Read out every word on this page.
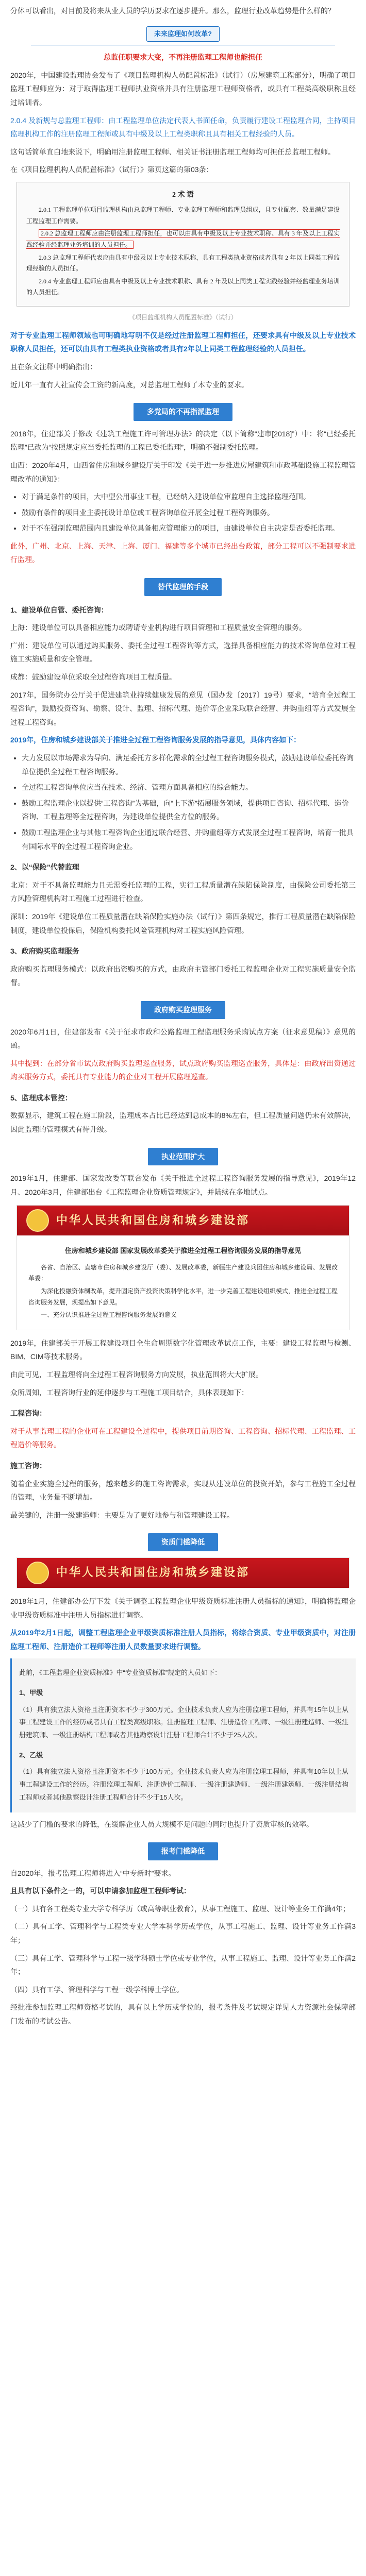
分体可以看出，对目前及将来从业人员的学历要求在逐步提升。那么，监理行业改革趋势是什么样的？

未来监理如何改革?

总监任职要求大变，不再注册监理工程师也能担任

2020年，中国建设监理协会发布了《项目监理机构人员配置标准》（试行）（房屋建筑工程部分），明确了项目监理工程师应为：对于取得监理工程师执业资格并具有注册监理工程师资格者，或具有工程类高级职称且经过培训者。

2.0.4 及新规与总监理工程师：由工程监理单位法定代表人书面任命，负责履行建设工程监理合同，主持项目监理机构工作的注册监理工程师或具有中级及以上工程类职称且具有相关工程经验的人员。

这句话简单直白地来说下，明确用注册监理工程师、相关证书注册监理工程师均可担任总监理工程师。

在《项目监理机构人员配置标准》（试行）》第页这篇的第03条：

2 术 语

2.0.1 工程监理单位项目监理机构由总监理工程师、专业监理工程师和监理员组成，且专业配套、数量满足建设工程监理工作需要。

2.0.2 总监理工程师应由注册监理工程师担任，也可以由具有中级及以上专业技术职称、具有 3 年及以上工程实践经验并经监理业务培训的人员担任。

2.0.3 总监理工程师代表应由具有中级及以上专业技术职称，具有工程类执业资格或者具有 2 年以上同类工程监理经验的人员担任。

2.0.4 专业监理工程师应由具有中级及以上专业技术职称、具有 2 年及以上同类工程实践经验并经监理业务培训的人员担任。

《项目监理机构人员配置标准》（试行）

对于专业监理工程师领域也可明确地写明不仅是经过注册监理工程师担任，还要求具有中级及以上专业技术职称人员担任，还可以由具有工程类执业资格或者具有2年以上同类工程监理经验的人员担任。

且在条文注释中明确指出：

近几年一直有人社宣传会工资的新高度，对总监理工程师了本专业的要求。

多党局的不再指派监理

2018年，住建部关于修改《建筑工程施工许可管理办法》的决定（以下简称“建市[2018]”）中：将“已经委托监理”已改为“按照规定应当委托监理的工程已委托监理”，明确不强制委托监理。

山西：2020年4月，山西省住房和城乡建设厅关于印发《关于进一步推进房屋建筑和市政基础设施工程监理管理改革的通知》：

• 对于满足条件的项目，大中型公用事业工程，已经纳入建设单位审监理自主选择监理范围。
• 鼓励有条件的项目业主委托设计单位或工程咨询单位开展全过程工程咨询服务。
• 对于不在强制监理范围内且建设单位具备相应管理能力的项目，由建设单位自主决定是否委托监理。

此外，广州、北京、上海、天津、上海、厦门、福建等多个城市已经出台政策，部分工程可以不强制要求进行监理。

替代监理的手段

1、建设单位自管、委托咨询：

上海：建设单位可以具备相应能力或聘请专业机构进行项目管理和工程质量安全管理的服务。

广州：建设单位可以通过购买服务、委托全过程工程咨询等方式，选择具备相应能力的技术咨询单位对工程施工实施质量和安全管理。

成都：鼓励建设单位采取全过程咨询项目工程质量。

2017年，国务院办公厅关于促进建筑业持续健康发展的意见（国办发〔2017〕19号）要求，“培育全过程工程咨询”，鼓励投资咨询、勘察、设计、监理、招标代理、造价等企业采取联合经营、并购重组等方式发展全过程工程咨询。

2019年，住房和城乡建设部关于推进全过程工程咨询服务发展的指导意见，具体内容如下：

• 大力发展以市场需求为导向、满足委托方多样化需求的全过程工程咨询服务模式，鼓励建设单位委托咨询单位提供全过程工程咨询服务。
• 全过程工程咨询单位应当在技术、经济、管理方面具备相应的综合能力。
• 鼓励工程监理企业以提供“工程咨询”为基础，向“上下游”拓展服务领域，提供项目咨询、招标代理、造价咨询、工程监理等全过程咨询，为建设单位提供全方位的服务。
• 鼓励工程监理企业与其他工程咨询企业通过联合经营、并购重组等方式发展全过程工程咨询，培育一批具有国际水平的全过程工程咨询企业。

2、以“保险”代替监理

北京：对于不具备监理能力且无需委托监理的工程，实行工程质量潜在缺陷保险制度，由保险公司委托第三方风险管理机构对工程施工过程进行检查。

深圳：2019年《建设单位工程质量潜在缺陷保险实施办法（试行）》第四条规定，推行工程质量潜在缺陷保险制度，建设单位投保后，保险机构委托风险管理机构对工程实施风险管理。

3、政府购买监理服务

政府购买监理服务模式：以政府出资购买的方式，由政府主管部门委托工程监理企业对工程实施质量安全监督。

政府购买监理服务

2020年6月1日，住建部发布《关于征求市政和公路监理工程监理服务采购试点方案（征求意见稿）》意见的函。

其中提到：在部分省市试点政府购买监理巡查服务，试点政府购买监理巡查服务，具体是：由政府出资通过购买服务方式，委托具有专业能力的企业对工程开展监理巡查。

5、监理成本管控：

数据显示，建筑工程在施工阶段，监理成本占比已经达到总成本的8%左右，但工程质量问题仍未有效解决，因此监理的管理模式有待升级。

执业范围扩大

2019年1月，住建部、国家发改委等联合发布《关于推进全过程工程咨询服务发展的指导意见》，2019年12月、2020年3月，住建部出台《工程监理企业资质管理规定》，并陆续在多地试点。

中华人民共和国住房和城乡建设部
住房和城乡建设部 国家发展改革委关于推进全过程工程咨询服务发展的指导意见

各省、自治区、直辖市住房和城乡建设厅（委）、发展改革委，新疆生产建设兵团住房和城乡建设局、发展改革委：

为深化投融资体制改革，提升固定资产投资决策科学化水平，进一步完善工程建设组织模式，推进全过程工程咨询服务发展，现提出如下意见。

一、充分认识推进全过程工程咨询服务发展的意义

2019年，住建部关于开展工程建设项目全生命周期数字化管理改革试点工作，主要：建设工程监理与检测、BIM、CIM等技术服务。

由此可见，工程监理将向全过程工程咨询服务方向发展，执业范围将大大扩展。

众所周知，工程咨询行业的延伸逐步与工程施工项目结合，具体表现如下：

工程咨询：

对于从事监理工程的企业可在工程建设全过程中，提供项目前期咨询、工程咨询、招标代理、工程监理、工程造价等服务。

施工咨询：

随着企业实施全过程的服务，越来越多的施工咨询需求，实现从建设单位的投资开始，参与工程施工全过程的管理，业务量不断增加。

最关键的，注册一级建造师：主要是为了更好地参与和管理建设工程。

资质门槛降低
中华人民共和国住房和城乡建设部

2018年1月，住建部办公厅下发《关于调整工程监理企业甲级资质标准注册人员指标的通知》，明确将监理企业甲级资质标准中注册人员指标进行调整。

从2019年2月1日起，调整工程监理企业甲级资质标准注册人员指标，将综合资质、专业甲级资质中，对注册监理工程师、注册造价工程师等注册人员数量要求进行调整。

此前，《工程监理企业资质标准》中“专业资质标准”规定的人员如下：

1、甲级

（1）具有独立法人资格且注册资本不少于300万元。企业技术负责人应为注册监理工程师，并具有15年以上从事工程建设工作的经历或者具有工程类高级职称。注册监理工程师、注册造价工程师、一级注册建造师、一级注册建筑师、一级注册结构工程师或者其他勘察设计注册工程师合计不少于25人次。

2、乙级

（1）具有独立法人资格且注册资本不少于100万元。企业技术负责人应为注册监理工程师，并具有10年以上从事工程建设工作的经历。注册监理工程师、注册造价工程师、一级注册建造师、一级注册建筑师、一级注册结构工程师或者其他勘察设计注册工程师合计不少于15人次。

这减少了门槛的要求的降低，在缓解企业人员大规模不足问题的同时也提升了资质审核的效率。

报考门槛降低

自2020年，报考监理工程师将进入“中专新时”要求。

且具有以下条件之一的，可以申请参加监理工程师考试：

（一）具有各工程类专业大学专科学历（或高等职业教育），从事工程施工、监理、设计等业务工作满4年；

（二）具有工学、管理科学与工程类专业大学本科学历或学位，从事工程施工、监理、设计等业务工作满3年；

（三）具有工学、管理科学与工程一级学科硕士学位或专业学位，从事工程施工、监理、设计等业务工作满2年；

（四）具有工学、管理科学与工程一级学科博士学位。

经批准参加监理工程师资格考试的，具有以上学历或学位的，报考条件及考试规定详见人力资源社会保障部门发布的考试公告。
